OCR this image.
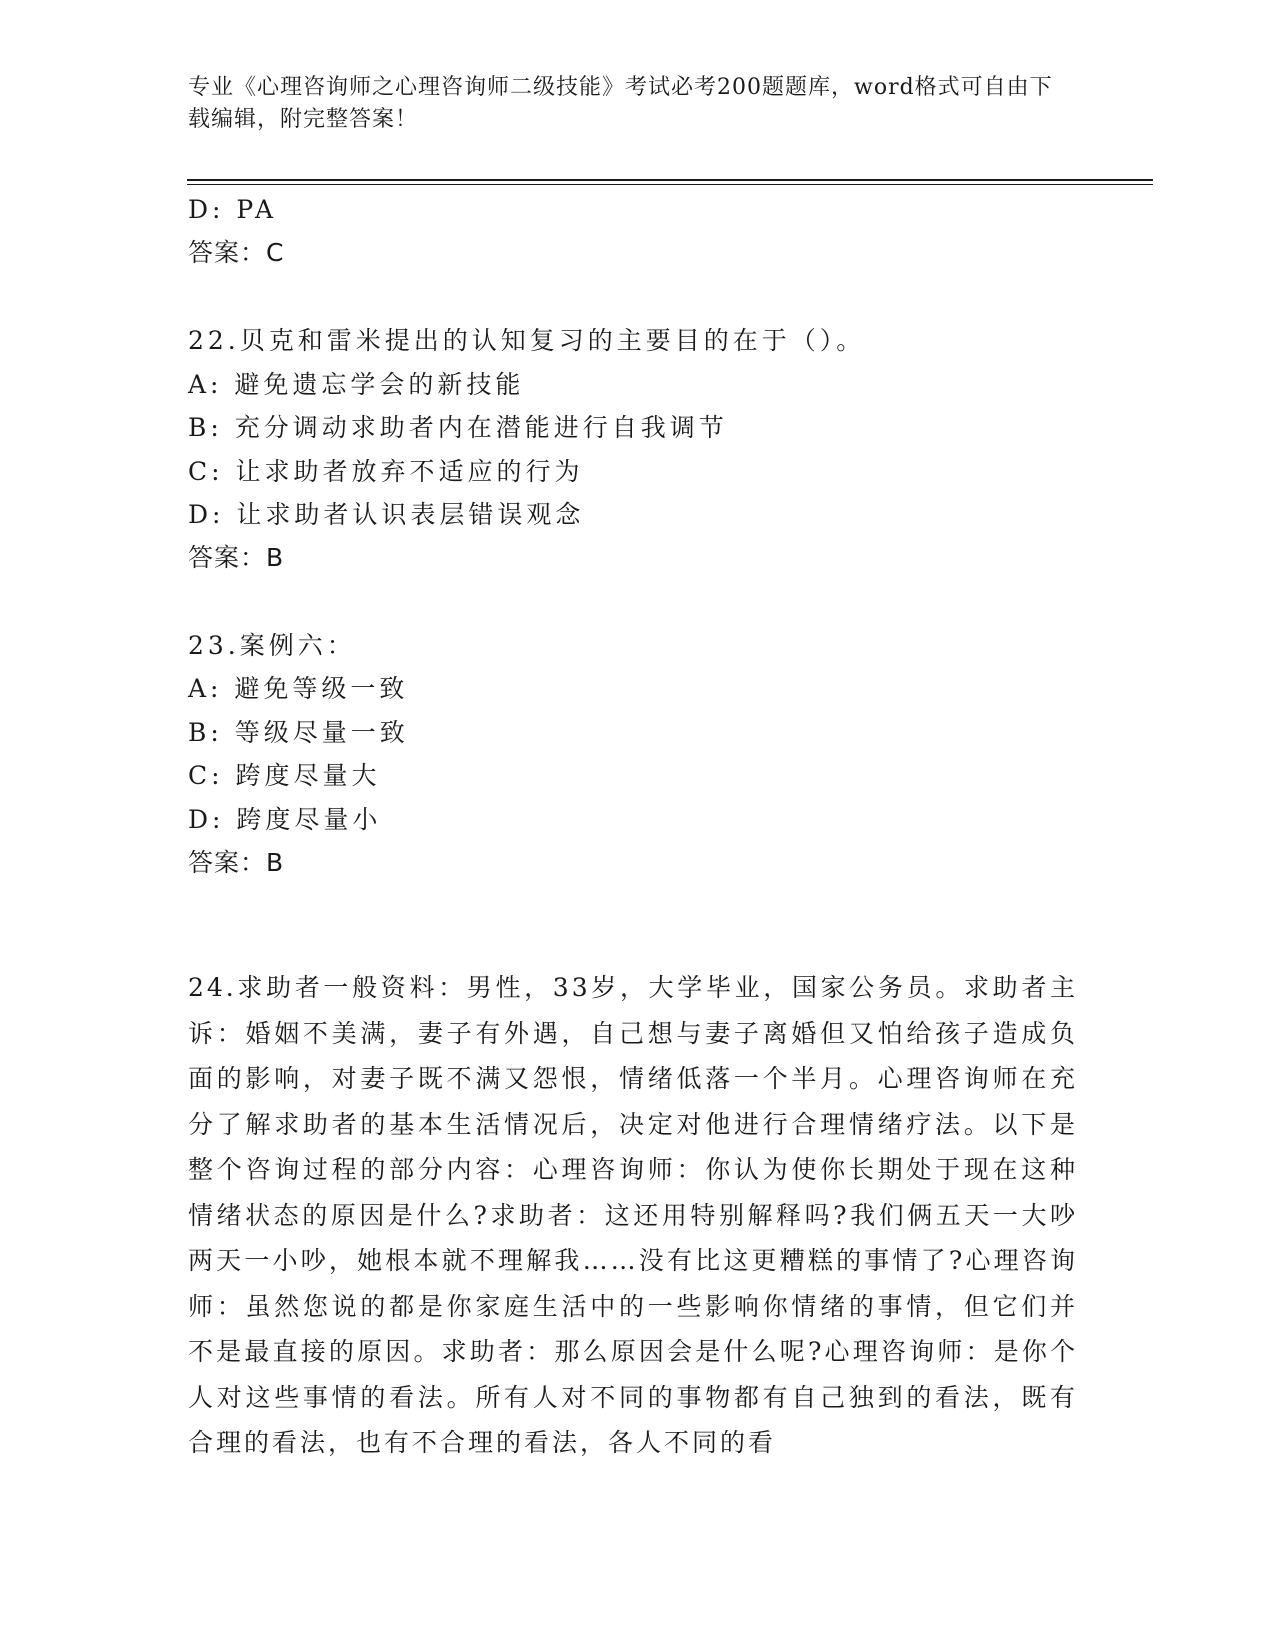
专业《心理咨询师之心理咨询师二级技能》考试必考200题题库，word格式可自由下载编辑，附完整答案！
D: PA
答案：C
22.贝克和雷米提出的认知复习的主要目的在于（）。
A: 避免遗忘学会的新技能
B: 充分调动求助者内在潜能进行自我调节
C: 让求助者放弃不适应的行为
D: 让求助者认识表层错误观念
答案：B
23.案例六：
A: 避免等级一致
B: 等级尽量一致
C: 跨度尽量大
D: 跨度尽量小
答案：B
24.求助者一般资料：男性，33岁，大学毕业，国家公务员。求助者主诉：婚姻不美满，妻子有外遇，自己想与妻子离婚但又怕给孩子造成负面的影响，对妻子既不满又怨恨，情绪低落一个半月。心理咨询师在充分了解求助者的基本生活情况后，决定对他进行合理情绪疗法。以下是整个咨询过程的部分内容：心理咨询师：你认为使你长期处于现在这种情绪状态的原因是什么?求助者：这还用特别解释吗?我们俩五天一大吵两天一小吵，她根本就不理解我……没有比这更糟糕的事情了?心理咨询师：虽然您说的都是你家庭生活中的一些影响你情绪的事情，但它们并不是最直接的原因。求助者：那么原因会是什么呢?心理咨询师：是你个人对这些事情的看法。所有人对不同的事物都有自己独到的看法，既有合理的看法，也有不合理的看法，各人不同的看
